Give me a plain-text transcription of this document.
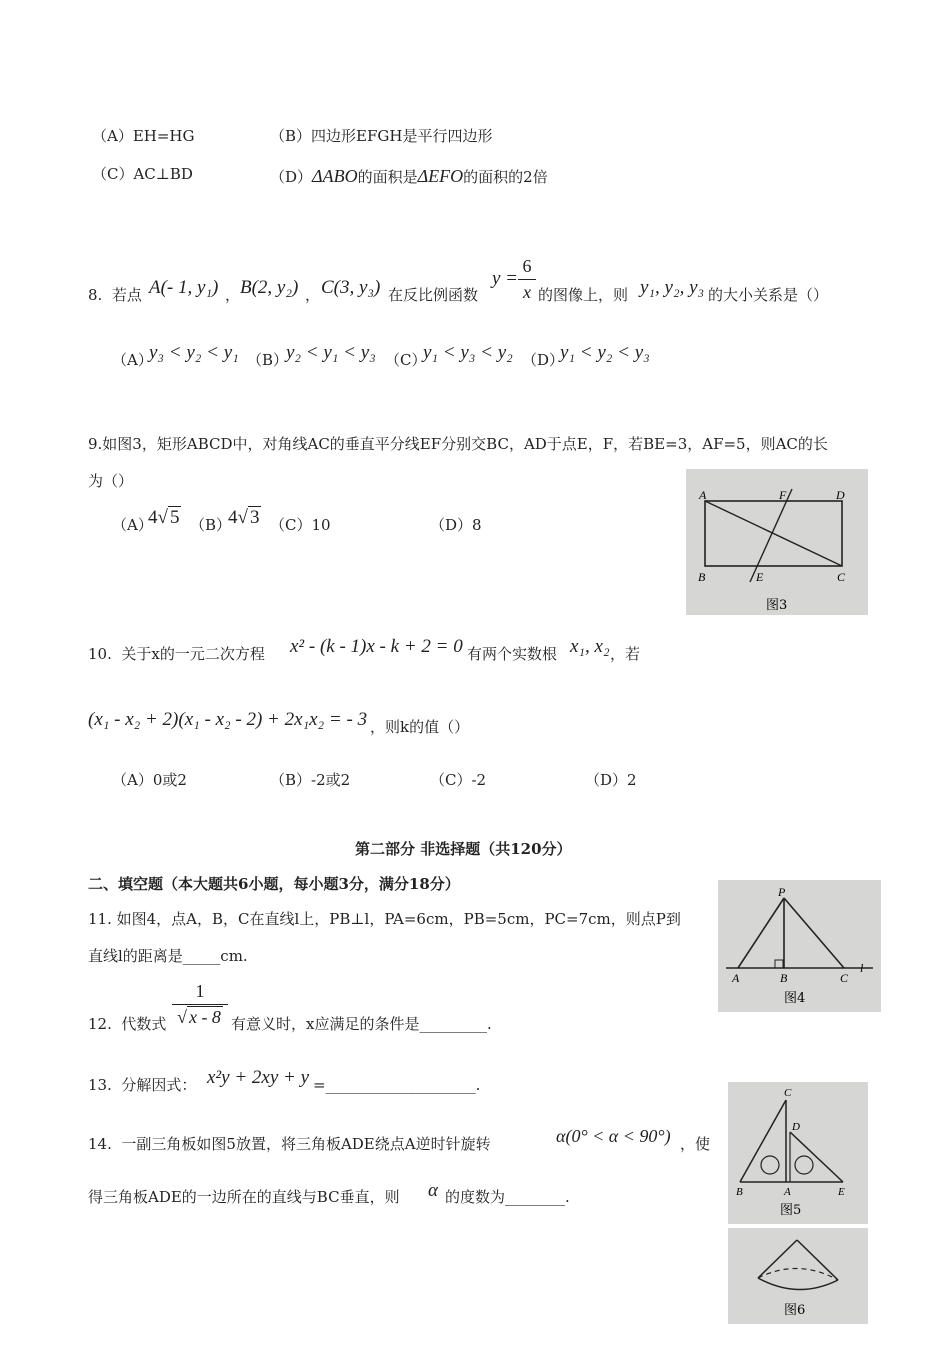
（A）EH=HG	（B）四边形EFGH是平行四边形
（C）AC⊥BD	（D）ΔABO的面积是ΔEFO的面积的2倍
8. 若点 A(- 1, y₁) ， B(2, y₂) ， C(3, y₃) 在反比例函数
$y = \frac{6}{x}$ 的图像上，则 y₁, y₂, y₃ 的大小关系是（）
（A）
y₃ < y₂ < y₁ （B）
y₂ < y₁ < y₃ （C）
y₁ < y₃ < y₂ （D）
y₁ < y₂ < y₃
9.如图3，矩形ABCD中，对角线AC的垂直平分线EF分别交BC，AD于点E，F，若BE=3，AF=5，则AC的长
为（）
（A）
4√ 5 （B）
4√ 3 （C）10	（D）8
A	F	D
B	E	C
图3
10. 关于x的一元二次方程 x² - (k - 1)x - k + 2 = 0 有两个实数根 x₁, x₂ ，若
(x₁ - x₂ + 2)(x₁ - x₂ - 2) + 2x₁x₂ = - 3 ，则k的值（）
（A）0或2	（B）-2或2	（C）-2	（D）2
第二部分 非选择题（共120分）
二、填空题（本大题共6小题，每小题3分，满分18分）
11. 如图4，点A，B，C在直线l上，PB⊥l，PA=6cm，PB=5cm，PC=7cm，则点P到
直线l的距离是_____cm.
P
A	B	C
l
图4
12. 代数式 $\frac{1}{√ x - 8}$ 有意义时，x应满足的条件是_________.
13. 分解因式： x²y + 2xy + y =____________________.
14. 一副三角板如图5放置，将三角板ADE绕点A逆时针旋转	α(0° < α < 90°) ，使
得三角板ADE的一边所在的直线与BC垂直，则 α 的度数为________.
C
D
B	A	E
图5
图6
